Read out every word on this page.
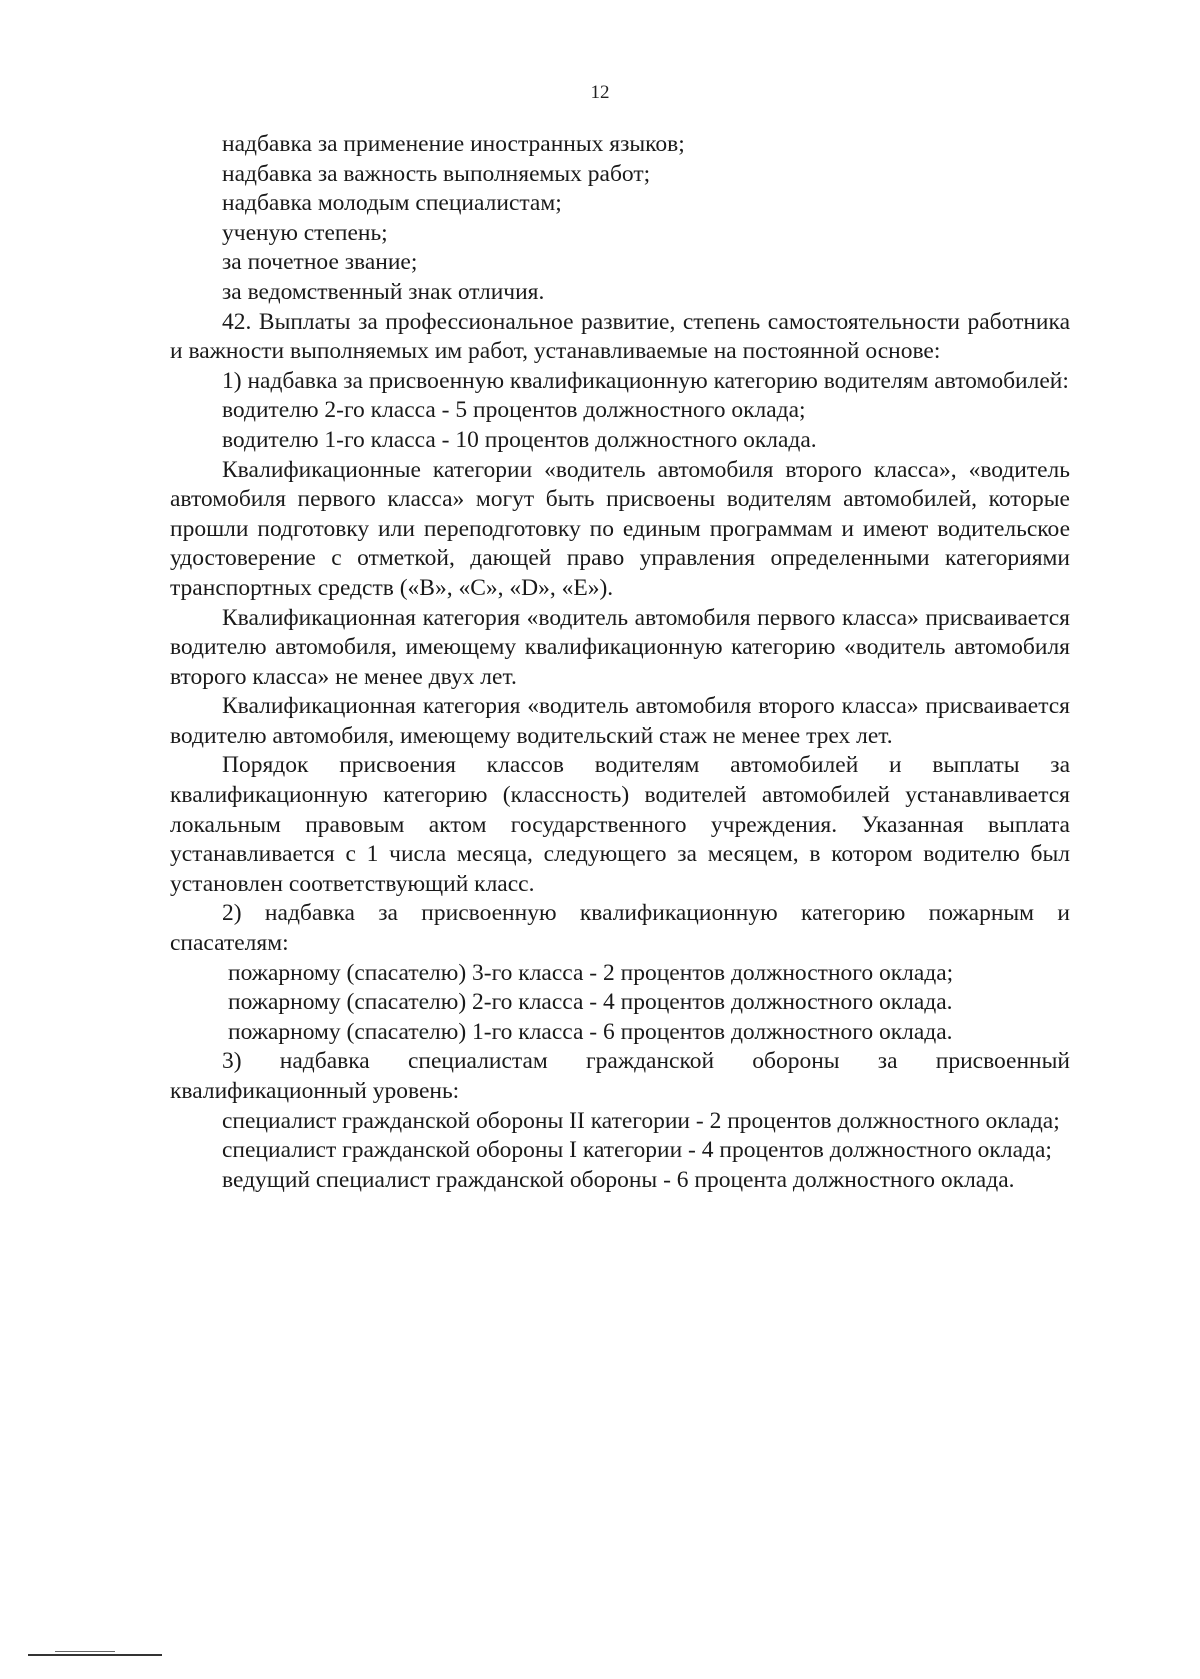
12

надбавка за применение иностранных языков;

надбавка за важность выполняемых работ;

надбавка молодым специалистам;

ученую степень;

за почетное звание;

за ведомственный знак отличия.

42. Выплаты за профессиональное развитие, степень самостоятельности работника и важности выполняемых им работ, устанавливаемые на постоянной основе:

1) надбавка за присвоенную квалификационную категорию водителям автомобилей:

водителю 2-го класса - 5 процентов должностного оклада;

водителю 1-го класса - 10 процентов должностного оклада.

Квалификационные категории «водитель автомобиля второго класса», «водитель автомобиля первого класса» могут быть присвоены водителям автомобилей, которые прошли подготовку или переподготовку по единым программам и имеют водительское удостоверение с отметкой, дающей право управления определенными категориями транспортных средств («B», «C», «D», «E»).

Квалификационная категория «водитель автомобиля первого класса» присваивается водителю автомобиля, имеющему квалификационную категорию «водитель автомобиля второго класса» не менее двух лет.

Квалификационная категория «водитель автомобиля второго класса» присваивается водителю автомобиля, имеющему водительский стаж не менее трех лет.

Порядок присвоения классов водителям автомобилей и выплаты за квалификационную категорию (классность) водителей автомобилей устанавливается локальным правовым актом государственного учреждения. Указанная выплата устанавливается с 1 числа месяца, следующего за месяцем, в котором водителю был установлен соответствующий класс.

2) надбавка за присвоенную квалификационную категорию пожарным и спасателям:

пожарному (спасателю) 3-го класса - 2 процентов должностного оклада;

пожарному (спасателю) 2-го класса - 4 процентов должностного оклада.

пожарному (спасателю) 1-го класса - 6 процентов должностного оклада.

3) надбавка специалистам гражданской обороны за присвоенный квалификационный уровень:

специалист гражданской обороны II категории - 2 процентов должностного оклада;

специалист гражданской обороны I категории - 4 процентов должностного оклада;

ведущий специалист гражданской обороны - 6 процента должностного оклада.
